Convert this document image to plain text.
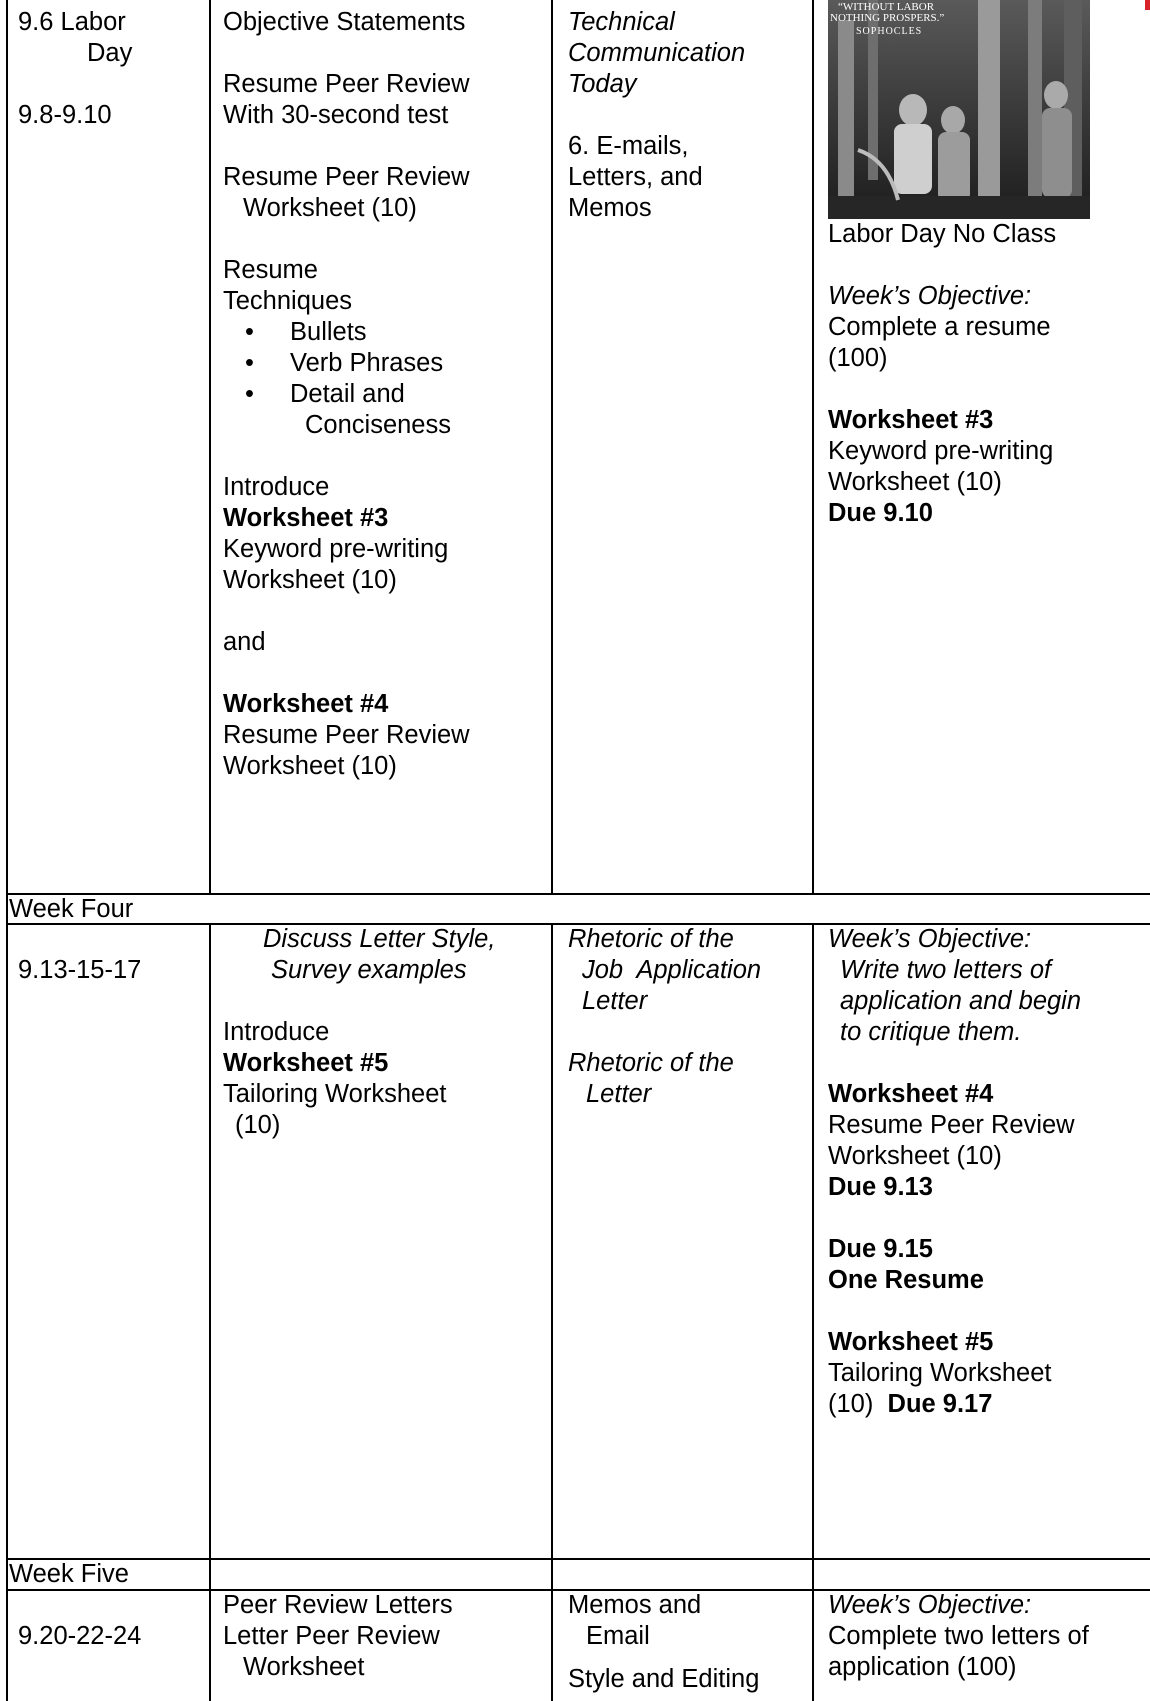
9.6 Labor
Day
9.8-9.10
Objective Statements
Resume Peer Review
With 30-second test
Resume Peer Review
Worksheet (10)
Resume
Techniques
• Bullets
• Verb Phrases
• Detail and
Conciseness
Introduce
Worksheet #3
Keyword pre-writing
Worksheet (10)
and
Worksheet #4
Resume Peer Review
Worksheet (10)
Technical
Communication
Today
6. E-mails,
Letters, and
Memos
“WITHOUT LABOR
NOTHING PROSPERS.”
SOPHOCLES
Labor Day No Class
Week’s Objective:
Complete a resume
(100)
Worksheet #3
Keyword pre-writing
Worksheet (10)
Due 9.10
Week Four
9.13-15-17
Discuss Letter Style,
Survey examples
Introduce
Worksheet #5
Tailoring Worksheet
(10)
Rhetoric of the
Job  Application
Letter
Rhetoric of the
Letter
Week’s Objective:
Write two letters of
application and begin
to critique them.
Worksheet #4
Resume Peer Review
Worksheet (10)
Due 9.13
Due 9.15
One Resume
Worksheet #5
Tailoring Worksheet
(10) Due 9.17
Week Five
9.20-22-24
Peer Review Letters
Letter Peer Review
Worksheet
Memos and
Email
Style and Editing
Week’s Objective:
Complete two letters of
application (100)
